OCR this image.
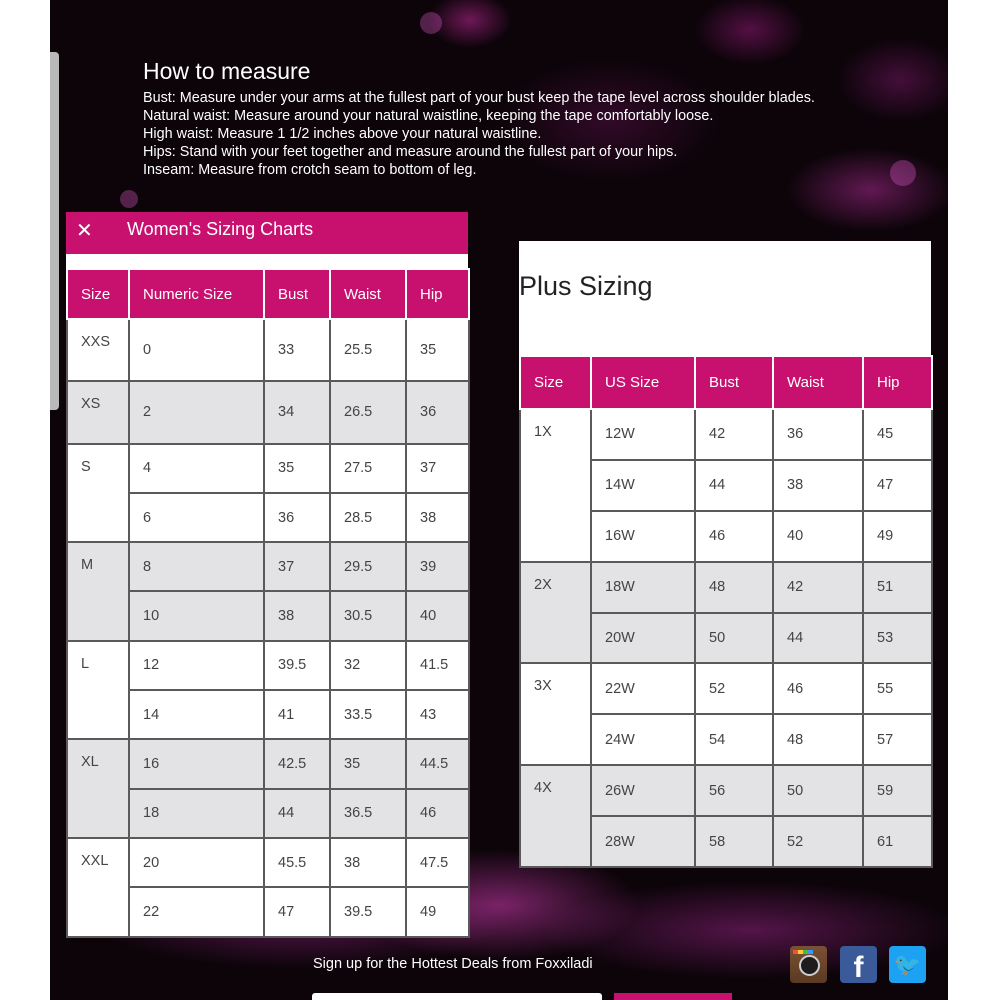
How to measure

Bust: Measure under your arms at the fullest part of your bust keep the tape level across shoulder blades.

Natural waist: Measure around your natural waistline, keeping the tape comfortably loose.

High waist: Measure 1 1/2 inches above your natural waistline.

Hips: Stand with your feet together and measure around the fullest part of your hips.

Inseam: Measure from crotch seam to bottom of leg.

✕ Women's Sizing Charts
Size	Numeric Size	Bust	Waist	Hip
XXS	0	33	25.5	35
XS	2	34	26.5	36
S	4	35	27.5	37
	6	36	28.5	38
M	8	37	29.5	39
	10	38	30.5	40
L	12	39.5	32	41.5
	14	41	33.5	43
XL	16	42.5	35	44.5
	18	44	36.5	46
XXL	20	45.5	38	47.5
	22	47	39.5	49
Plus Sizing
Size	US Size	Bust	Waist	Hip
1X	12W	42	36	45
	14W	44	38	47
	16W	46	40	49
2X	18W	48	42	51
	20W	50	44	53
3X	22W	52	46	55
	24W	54	48	57
4X	26W	56	50	59
	28W	58	52	61
Sign up for the Hottest Deals from Foxxiladi	f	🐦
